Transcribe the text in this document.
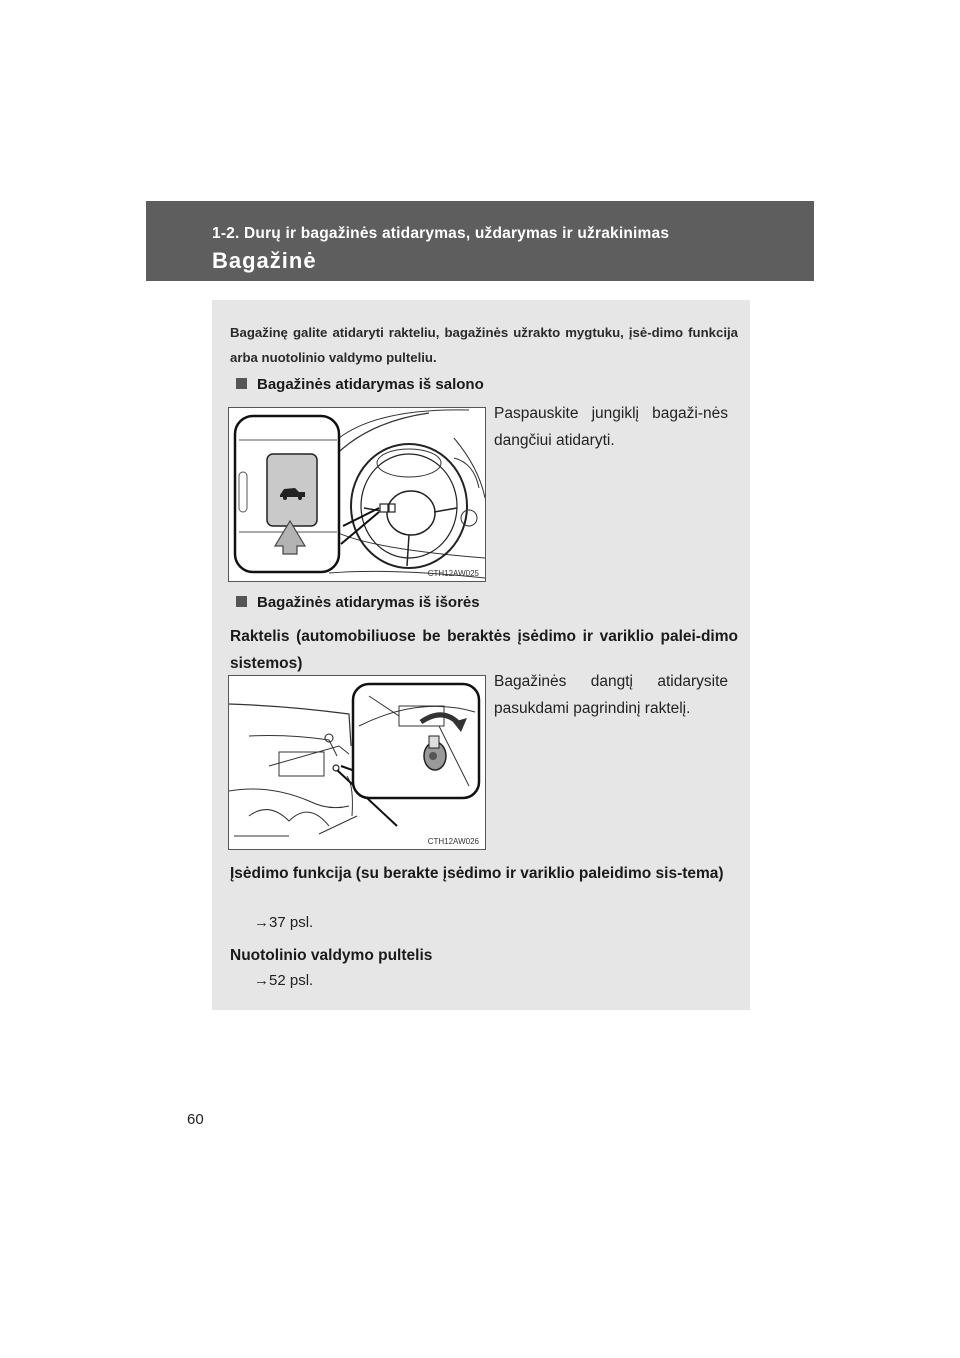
1-2. Durų ir bagažinės atidarymas, uždarymas ir užrakinimas
Bagažinė
Bagažinę galite atidaryti rakteliu, bagažinės užrakto mygtuku, įsė-dimo funkcija arba nuotolinio valdymo pulteliu.
Bagažinės atidarymas iš salono
CTH12AW025
Paspauskite jungiklį bagaži-nės dangčiui atidaryti.
Bagažinės atidarymas iš išorės
Raktelis (automobiliuose be beraktės įsėdimo ir variklio palei-dimo sistemos)
CTH12AW026
Bagažinės dangtį atidarysite pasukdami pagrindinį raktelį.
Įsėdimo funkcija (su berakte įsėdimo ir variklio paleidimo sis-tema)
→37 psl.
Nuotolinio valdymo pultelis
→52 psl.
60
